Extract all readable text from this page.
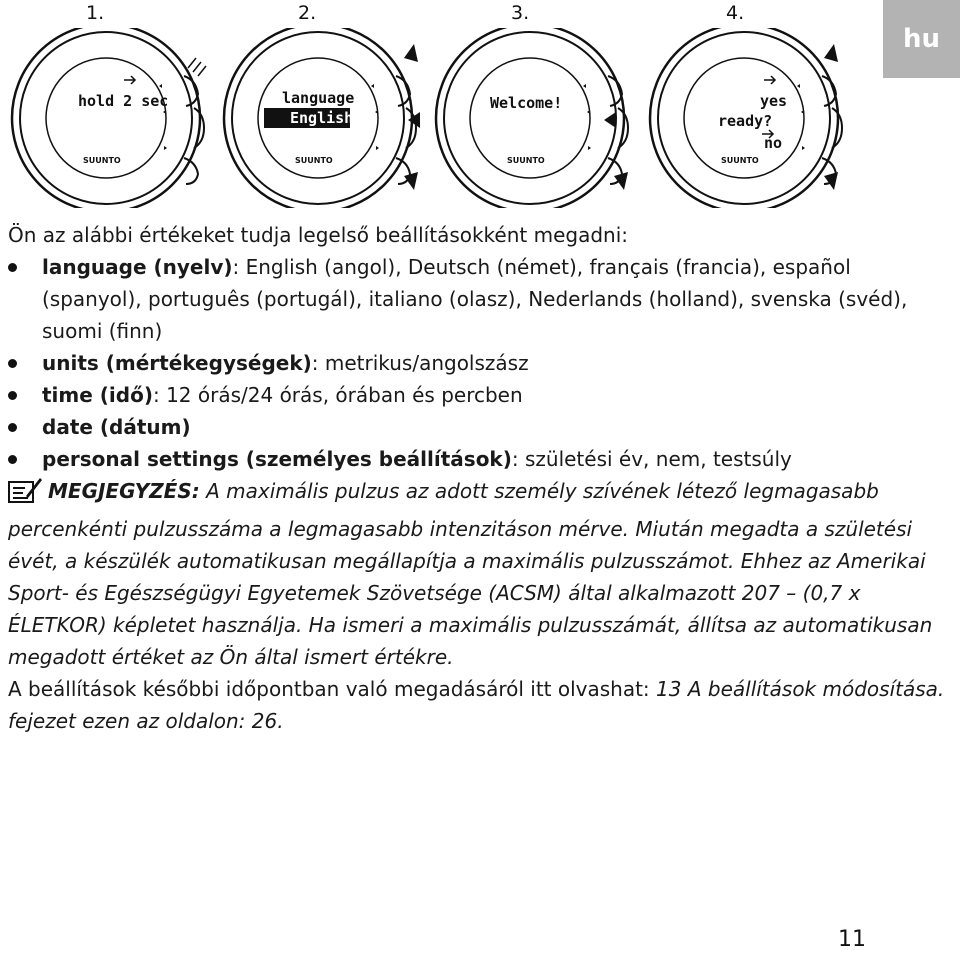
hu
1.	2.	3.	4.
hold 2 sec
SUUNTO
language
English
SUUNTO
Welcome!
SUUNTO
yes
ready?
no
SUUNTO

Ön az alábbi értékeket tudja legelső beállításokként megadni:

language (nyelv): English (angol), Deutsch (német), français (francia), español (spanyol), português (portugál), italiano (olasz), Nederlands (holland), svenska (svéd), suomi (finn)
units (mértékegységek): metrikus/angolszász
time (idő): 12 órás/24 órás, órában és percben
date (dátum)
personal settings (személyes beállítások): születési év, nem, testsúly

MEGJEGYZÉS: A maximális pulzus az adott személy szívének létező legmagasabb percenkénti pulzusszáma a legmagasabb intenzitáson mérve. Miután megadta a születési évét, a készülék automatikusan megállapítja a maximális pulzusszámot. Ehhez az Amerikai Sport- és Egészségügyi Egyetemek Szövetsége (ACSM) által alkalmazott 207 – (0,7 x ÉLETKOR) képletet használja. Ha ismeri a maximális pulzusszámát, állítsa az automatikusan megadott értéket az Ön által ismert értékre.

A beállítások későbbi időpontban való megadásáról itt olvashat: 13 A beállítások módosítása. fejezet ezen az oldalon: 26.

11
